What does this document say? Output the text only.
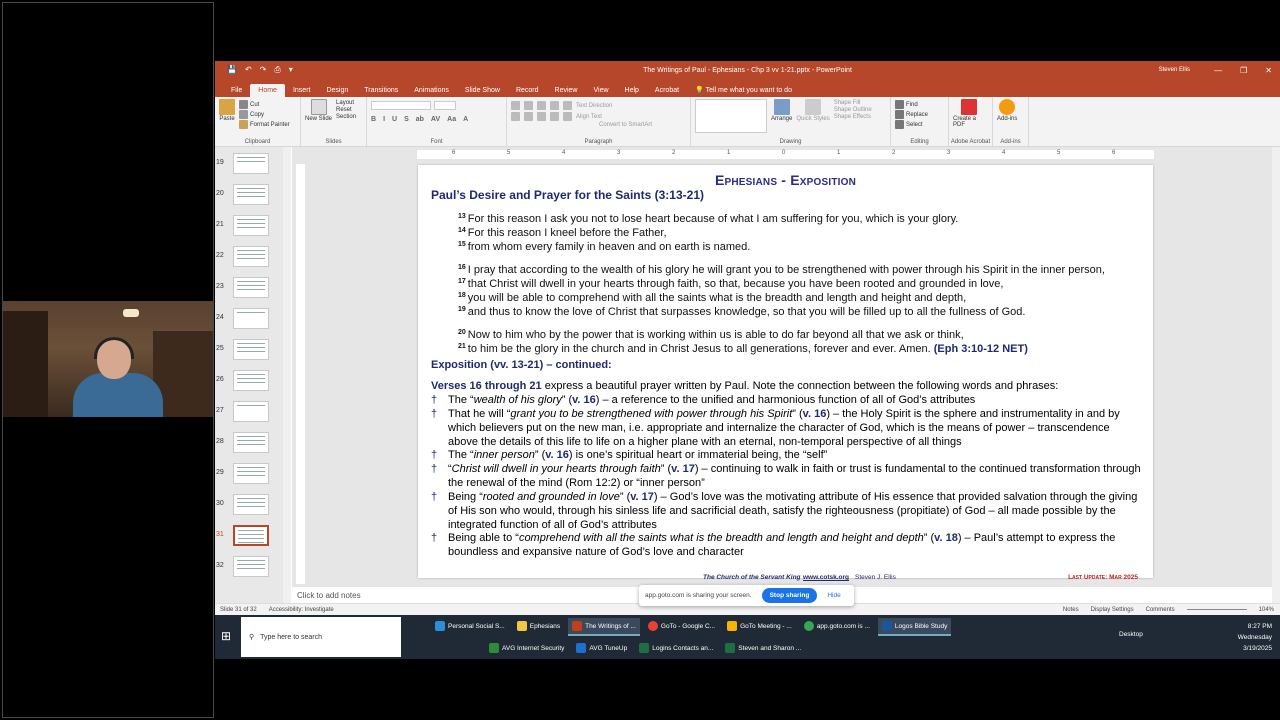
💾 ↶ ↷ ⎙ ▾	The Writings of Paul - Ephesians - Chp 3 vv 1-21.pptx - PowerPoint	Steven Ellis	— ❐ ✕
File	Home	Insert	Design	Transitions	Animations	Slide Show	Record	Review	View	Help	Acrobat	💡 Tell me what you want to do
Paste
Cut
Copy
Format Painter
Clipboard
New Slide
Layout
Reset
Section
Slides
B I U S ab AV Aa A
Font
Text Direction
Align Text
Convert to SmartArt
Paragraph
Arrange Quick Styles
Shape Fill
Shape Outline
Shape Effects
Drawing
Find
Replace
Select
Editing
Create a PDF
Adobe Acrobat
Add-ins
Add-ins
19
20
21
22
23
24
25
26
27
28
29
30
31
32
6	5	4	3	2	1	0	1	2	3	4	5	6
Ephesians - Exposition
Paul’s Desire and Prayer for the Saints (3:13-21)
$^{13}$ For this reason I ask you not to lose heart because of what I am suffering for you, which is your glory.
$^{14}$ For this reason I kneel before the Father,
$^{15}$ from whom every family in heaven and on earth is named.
$^{16}$ I pray that according to the wealth of his glory he will grant you to be strengthened with power through his Spirit in the inner person,
$^{17}$ that Christ will dwell in your hearts through faith, so that, because you have been rooted and grounded in love,
$^{18}$ you will be able to comprehend with all the saints what is the breadth and length and height and depth,
$^{19}$ and thus to know the love of Christ that surpasses knowledge, so that you will be filled up to all the fullness of God.
$^{20}$ Now to him who by the power that is working within us is able to do far beyond all that we ask or think,
$^{21}$ to him be the glory in the church and in Christ Jesus to all generations, forever and ever. Amen. (Eph 3:10-12 NET)
Exposition (vv. 13-21) – continued:
Verses 16 through 21 express a beautiful prayer written by Paul. Note the connection between the following words and phrases:
† The “wealth of his glory” (v. 16) – a reference to the unified and harmonious function of all of God’s attributes
† That he will “grant you to be strengthened with power through his Spirit” (v. 16) – the Holy Spirit is the sphere and instrumentality in and by which believers put on the new man, i.e. appropriate and internalize the character of God, which is the means of power – transcendence above the details of this life to life on a higher plane with an eternal, non-temporal perspective of all things
† The “inner person” (v. 16) is one’s spiritual heart or immaterial being, the “self”
† “Christ will dwell in your hearts through faith” (v. 17) – continuing to walk in faith or trust is fundamental to the continued transformation through the renewal of the mind (Rom 12:2) or “inner person”
† Being “rooted and grounded in love” (v. 17) – God’s love was the motivating attribute of His essence that provided salvation through the giving of His son who would, through his sinless life and sacrificial death, satisfy the righteousness (propitiate) of God – all made possible by the integrated function of all of God’s attributes
† Being able to “comprehend with all the saints what is the breadth and length and height and depth” (v. 18) – Paul’s attempt to express the boundless and expansive nature of God’s love and character
The Church of the Servant King www.cotsk.org Steven J. Ellis	Last Update: Mar 2025
Click to add notes
Slide 31 of 32 Accessibility: Investigate	Notes Display Settings Comments	104%
app.goto.com is sharing your screen.	Stop sharing	Hide
⊞	⚲ Type here to search
Personal Social S...	Ephesians	The Writings of ...	GoTo - Google C...	GoTo Meeting - ...	app.goto.com is ...	Logos Bible Study
AVG Internet Security	AVG TuneUp	Logins Contacts an...	Steven and Sharon ...
Desktop
8:27 PM
Wednesday
3/19/2025
